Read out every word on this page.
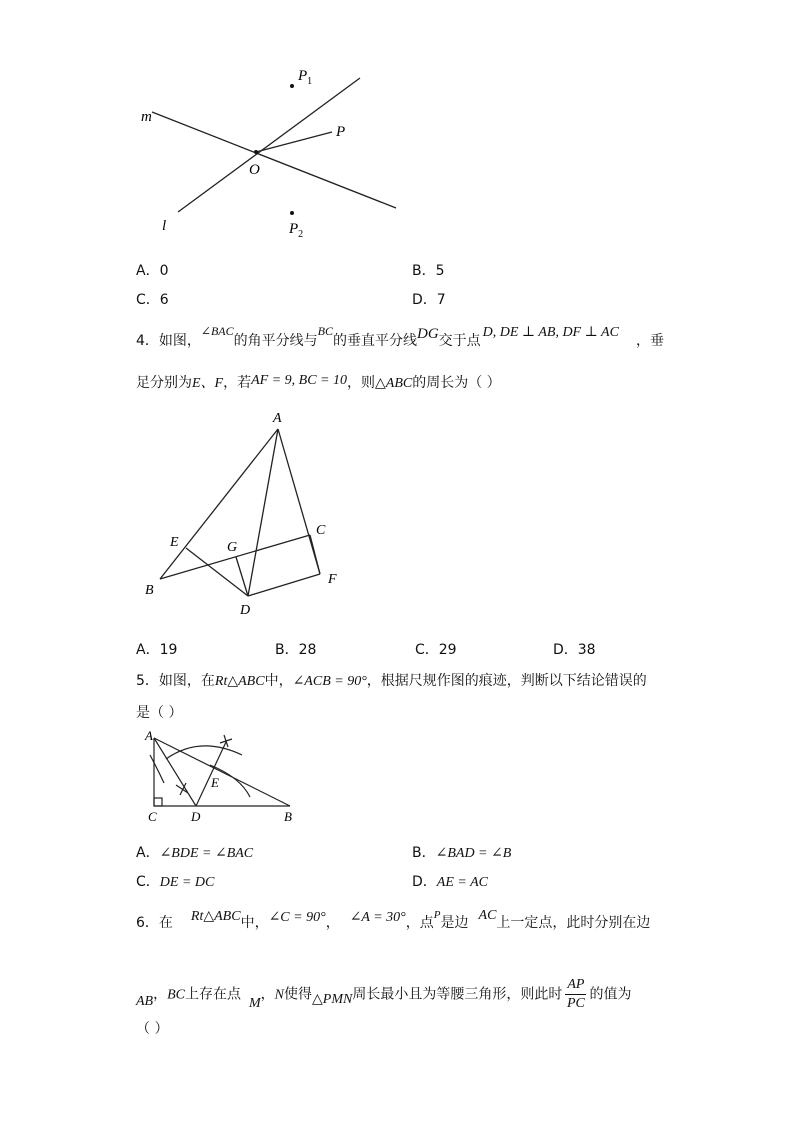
$P_1$
$P_2$
P
O
m
l
A．0	B．5
C．6	D．7
4．如图，∠BAC的角平分线与BC的垂直平分线DG交于点D, DE ⊥ AB, DF ⊥ AC
，垂
足分别为E、F，若AF = 9, BC = 10，则△ABC的周长为（ ）
A
B
C
D
E
F
G
A．19	B．28	C．29	D．38
5．如图，在Rt△ABC中，∠ACB = 90°，根据尺规作图的痕迹，判断以下结论错误的
是（ ）
A
C	D	B
E
A．∠BDE = ∠BAC	B．∠BAD = ∠B
C．DE = DC	D．AE = AC
6．在 Rt△ABC中，∠C = 90°， ∠A = 30°，点$^P$是边 AC上一定点，此时分别在边
AB，BC上存在点M，N使得△PMN周长最小且为等腰三角形，则此时 $\frac{AP}{PC}$ 的值为
（ ）
